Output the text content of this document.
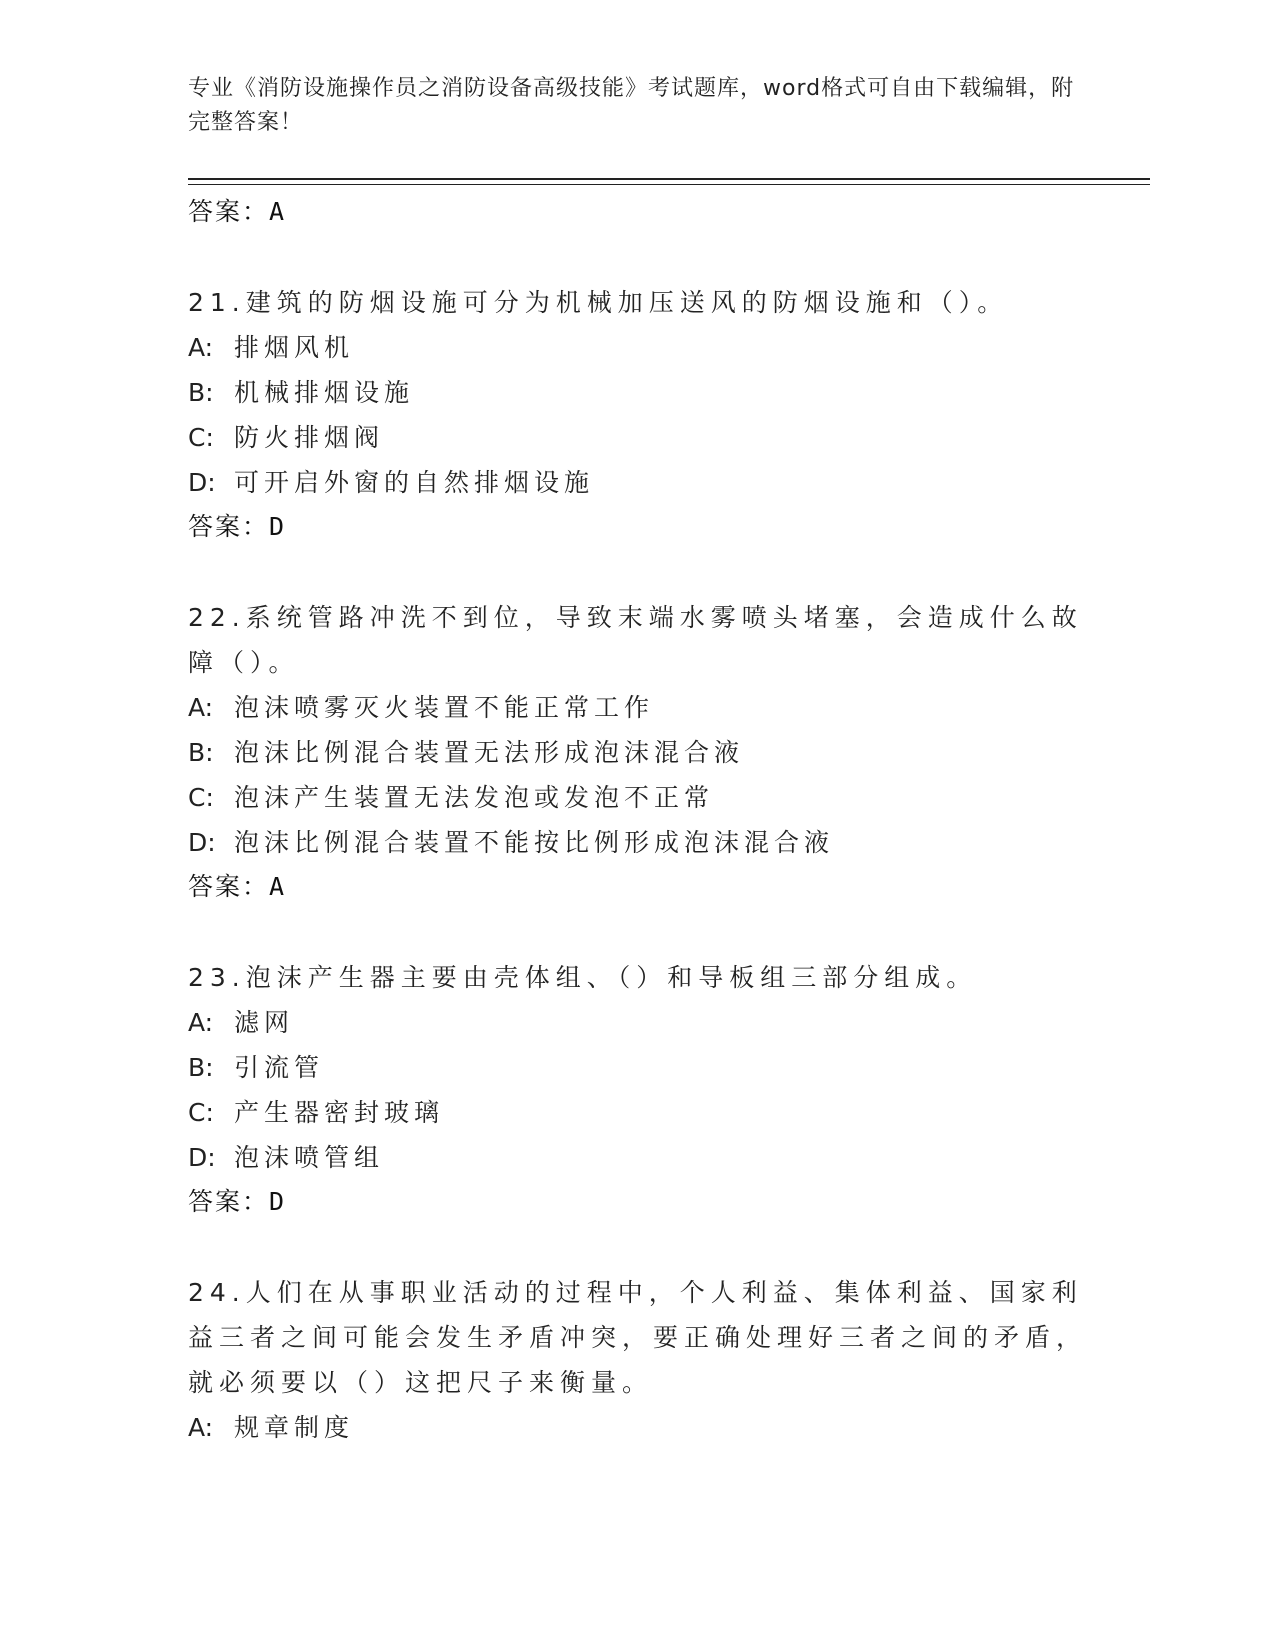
专业《消防设施操作员之消防设备高级技能》考试题库，word格式可自由下载编辑，附完整答案！
答案：A
21.建筑的防烟设施可分为机械加压送风的防烟设施和（）。
A: 排烟风机
B: 机械排烟设施
C: 防火排烟阀
D: 可开启外窗的自然排烟设施
答案：D
22.系统管路冲洗不到位，导致末端水雾喷头堵塞，会造成什么故障（）。
A: 泡沫喷雾灭火装置不能正常工作
B: 泡沫比例混合装置无法形成泡沫混合液
C: 泡沫产生装置无法发泡或发泡不正常
D: 泡沫比例混合装置不能按比例形成泡沫混合液
答案：A
23.泡沫产生器主要由壳体组、（）和导板组三部分组成。
A: 滤网
B: 引流管
C: 产生器密封玻璃
D: 泡沫喷管组
答案：D
24.人们在从事职业活动的过程中，个人利益、集体利益、国家利益三者之间可能会发生矛盾冲突，要正确处理好三者之间的矛盾，就必须要以（）这把尺子来衡量。
A: 规章制度
